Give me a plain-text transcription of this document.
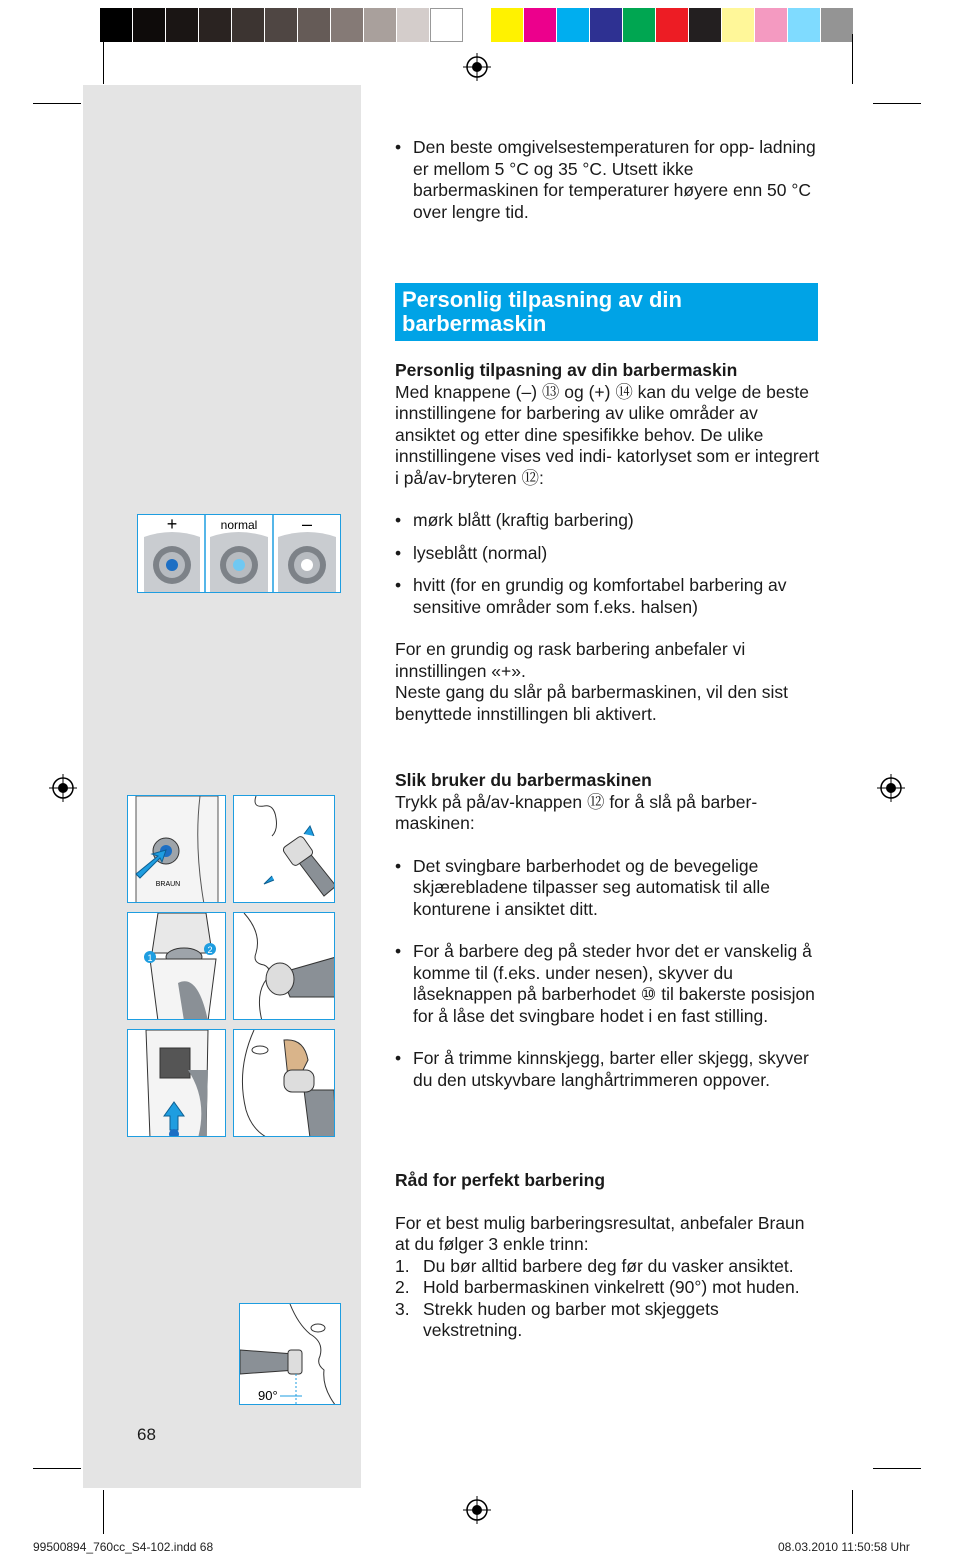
• Den beste omgivelsestemperaturen for opp- ladning er mellom 5 °C og 35 °C. Utsett ikke barbermaskinen for temperaturer høyere enn 50 °C over lengre tid.

Personlig tilpasning av din barbermaskin

Personlig tilpasning av din barbermaskin

Med knappene (–) ⑬ og (+) ⑭ kan du velge de beste innstillingene for barbering av ulike områder av ansiktet og etter dine spesifikke behov. De ulike innstillingene vises ved indi- katorlyset som er integrert i på/av-bryteren ⑫:

• mørk blått (kraftig barbering)

• lyseblått (normal)

• hvitt (for en grundig og komfortabel barbering av sensitive områder som f.eks. halsen)

For en grundig og rask barbering anbefaler vi innstillingen «+».

Neste gang du slår på barbermaskinen, vil den sist benyttede innstillingen bli aktivert.

Slik bruker du barbermaskinen

Trykk på på/av-knappen ⑫ for å slå på barber- maskinen:

• Det svingbare barberhodet og de bevegelige skjærebladene tilpasser seg automatisk til alle konturene i ansiktet ditt.

• For å barbere deg på steder hvor det er vanskelig å komme til (f.eks. under nesen), skyver du låseknappen på barberhodet ⑩ til bakerste posisjon for å låse det svingbare hodet i en fast stilling.

• For å trimme kinnskjegg, barter eller skjegg, skyver du den utskyvbare langhårtrimmeren oppover.

Råd for perfekt barbering

For et best mulig barberingsresultat, anbefaler Braun at du følger 3 enkle trinn:

1. Du bør alltid barbere deg før du vasker ansiktet.

2. Hold barbermaskinen vinkelrett (90°) mot huden.

3. Strekk huden og barber mot skjeggets vekstretning.

+	normal –
BRAUN
1
2
90°
68
99500894_760cc_S4-102.indd 68	08.03.2010 11:50:58 Uhr
